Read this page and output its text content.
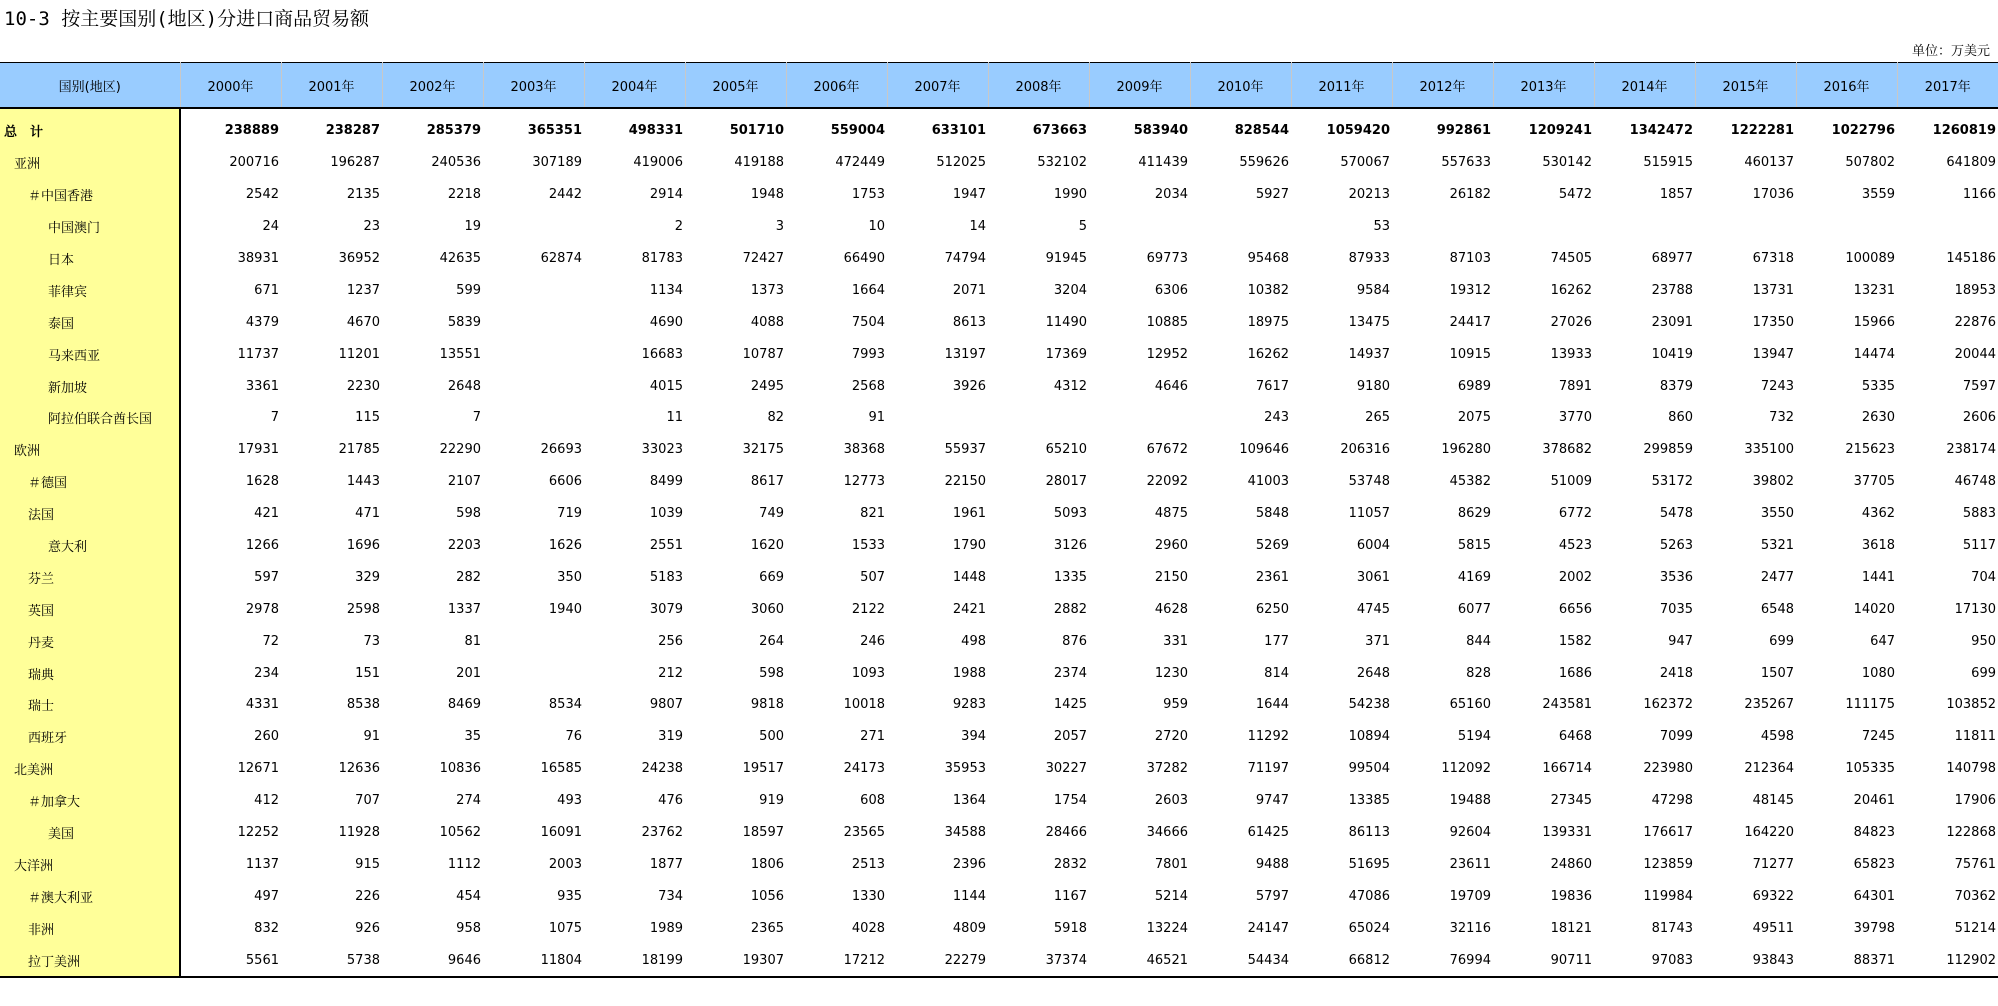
10-3 按主要国别(地区)分进口商品贸易额
单位：万美元
国别(地区)	2000年	2001年	2002年	2003年	2004年	2005年	2006年	2007年	2008年	2009年	2010年	2011年	2012年	2013年	2014年	2015年	2016年	2017年
总　计	238889	238287	285379	365351	498331	501710	559004	633101	673663	583940	828544	1059420	992861	1209241	1342472	1222281	1022796	1260819
亚洲	200716	196287	240536	307189	419006	419188	472449	512025	532102	411439	559626	570067	557633	530142	515915	460137	507802	641809
＃中国香港	2542	2135	2218	2442	2914	1948	1753	1947	1990	2034	5927	20213	26182	5472	1857	17036	3559	1166
中国澳门	24	23	19		2	3	10	14	5			53						
日本	38931	36952	42635	62874	81783	72427	66490	74794	91945	69773	95468	87933	87103	74505	68977	67318	100089	145186
菲律宾	671	1237	599		1134	1373	1664	2071	3204	6306	10382	9584	19312	16262	23788	13731	13231	18953
泰国	4379	4670	5839		4690	4088	7504	8613	11490	10885	18975	13475	24417	27026	23091	17350	15966	22876
马来西亚	11737	11201	13551		16683	10787	7993	13197	17369	12952	16262	14937	10915	13933	10419	13947	14474	20044
新加坡	3361	2230	2648		4015	2495	2568	3926	4312	4646	7617	9180	6989	7891	8379	7243	5335	7597
阿拉伯联合酋长国	7	115	7		11	82	91				243	265	2075	3770	860	732	2630	2606
欧洲	17931	21785	22290	26693	33023	32175	38368	55937	65210	67672	109646	206316	196280	378682	299859	335100	215623	238174
＃德国	1628	1443	2107	6606	8499	8617	12773	22150	28017	22092	41003	53748	45382	51009	53172	39802	37705	46748
法国	421	471	598	719	1039	749	821	1961	5093	4875	5848	11057	8629	6772	5478	3550	4362	5883
意大利	1266	1696	2203	1626	2551	1620	1533	1790	3126	2960	5269	6004	5815	4523	5263	5321	3618	5117
芬兰	597	329	282	350	5183	669	507	1448	1335	2150	2361	3061	4169	2002	3536	2477	1441	704
英国	2978	2598	1337	1940	3079	3060	2122	2421	2882	4628	6250	4745	6077	6656	7035	6548	14020	17130
丹麦	72	73	81		256	264	246	498	876	331	177	371	844	1582	947	699	647	950
瑞典	234	151	201		212	598	1093	1988	2374	1230	814	2648	828	1686	2418	1507	1080	699
瑞士	4331	8538	8469	8534	9807	9818	10018	9283	1425	959	1644	54238	65160	243581	162372	235267	111175	103852
西班牙	260	91	35	76	319	500	271	394	2057	2720	11292	10894	5194	6468	7099	4598	7245	11811
北美洲	12671	12636	10836	16585	24238	19517	24173	35953	30227	37282	71197	99504	112092	166714	223980	212364	105335	140798
＃加拿大	412	707	274	493	476	919	608	1364	1754	2603	9747	13385	19488	27345	47298	48145	20461	17906
美国	12252	11928	10562	16091	23762	18597	23565	34588	28466	34666	61425	86113	92604	139331	176617	164220	84823	122868
大洋洲	1137	915	1112	2003	1877	1806	2513	2396	2832	7801	9488	51695	23611	24860	123859	71277	65823	75761
＃澳大利亚	497	226	454	935	734	1056	1330	1144	1167	5214	5797	47086	19709	19836	119984	69322	64301	70362
非洲	832	926	958	1075	1989	2365	4028	4809	5918	13224	24147	65024	32116	18121	81743	49511	39798	51214
拉丁美洲	5561	5738	9646	11804	18199	19307	17212	22279	37374	46521	54434	66812	76994	90711	97083	93843	88371	112902
